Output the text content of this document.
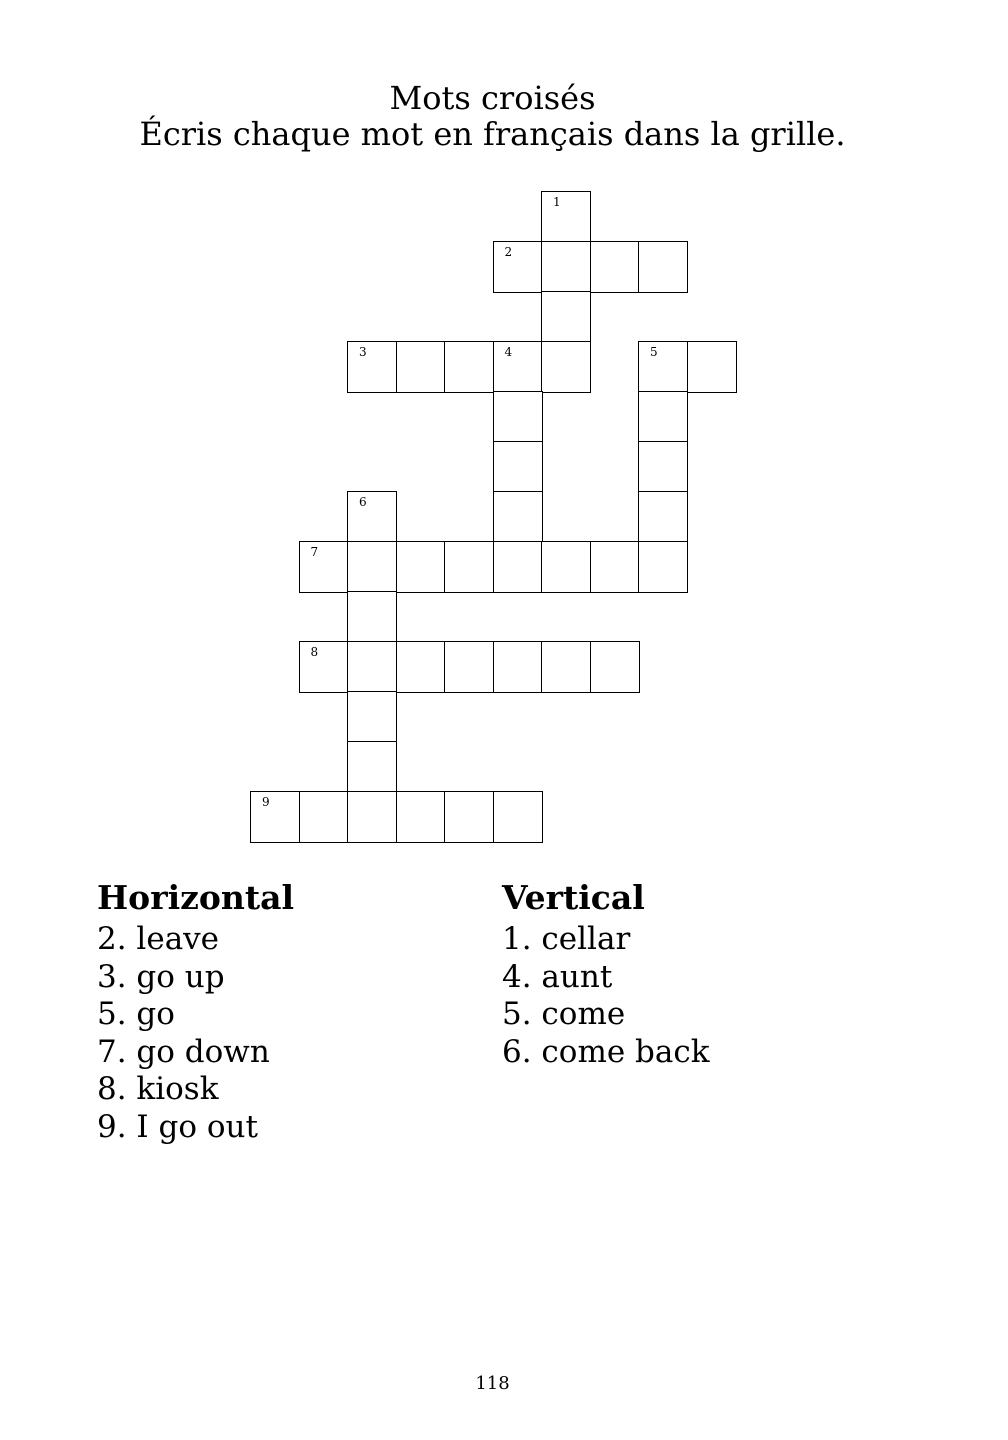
Mots croisés
Écris chaque mot en français dans la grille.
1
2
3	4	5
6
7
8
9
Horizontal
2. leave
3. go up
5. go
7. go down
8. kiosk
9. I go out
Vertical
1. cellar
4. aunt
5. come
6. come back
118
